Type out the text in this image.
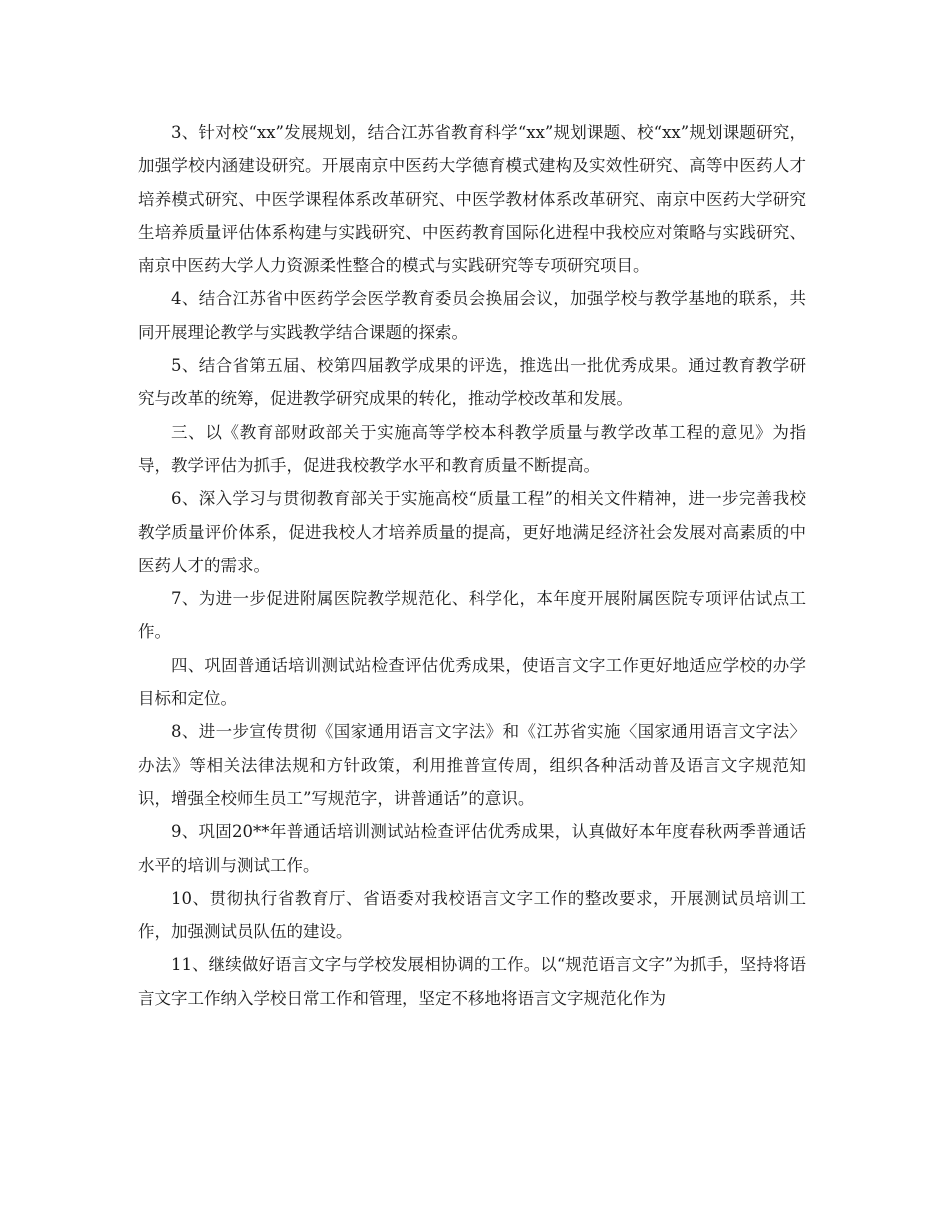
3、针对校“xx”发展规划，结合江苏省教育科学“xx”规划课题、校“xx”规划课题研究，加强学校内涵建设研究。开展南京中医药大学德育模式建构及实效性研究、高等中医药人才培养模式研究、中医学课程体系改革研究、中医学教材体系改革研究、南京中医药大学研究生培养质量评估体系构建与实践研究、中医药教育国际化进程中我校应对策略与实践研究、南京中医药大学人力资源柔性整合的模式与实践研究等专项研究项目。

4、结合江苏省中医药学会医学教育委员会换届会议，加强学校与教学基地的联系，共同开展理论教学与实践教学结合课题的探索。

5、结合省第五届、校第四届教学成果的评选，推选出一批优秀成果。通过教育教学研究与改革的统筹，促进教学研究成果的转化，推动学校改革和发展。

三、以《教育部财政部关于实施高等学校本科教学质量与教学改革工程的意见》为指导，教学评估为抓手，促进我校教学水平和教育质量不断提高。

6、深入学习与贯彻教育部关于实施高校“质量工程”的相关文件精神，进一步完善我校教学质量评价体系，促进我校人才培养质量的提高，更好地满足经济社会发展对高素质的中医药人才的需求。

7、为进一步促进附属医院教学规范化、科学化，本年度开展附属医院专项评估试点工作。

四、巩固普通话培训测试站检查评估优秀成果，使语言文字工作更好地适应学校的办学目标和定位。

8、进一步宣传贯彻《国家通用语言文字法》和《江苏省实施〈国家通用语言文字法〉办法》等相关法律法规和方针政策，利用推普宣传周，组织各种活动普及语言文字规范知识，增强全校师生员工”写规范字，讲普通话”的意识。

9、巩固20**年普通话培训测试站检查评估优秀成果，认真做好本年度春秋两季普通话水平的培训与测试工作。

10、贯彻执行省教育厅、省语委对我校语言文字工作的整改要求，开展测试员培训工作，加强测试员队伍的建设。

11、继续做好语言文字与学校发展相协调的工作。以“规范语言文字”为抓手，坚持将语言文字工作纳入学校日常工作和管理，坚定不移地将语言文字规范化作为
